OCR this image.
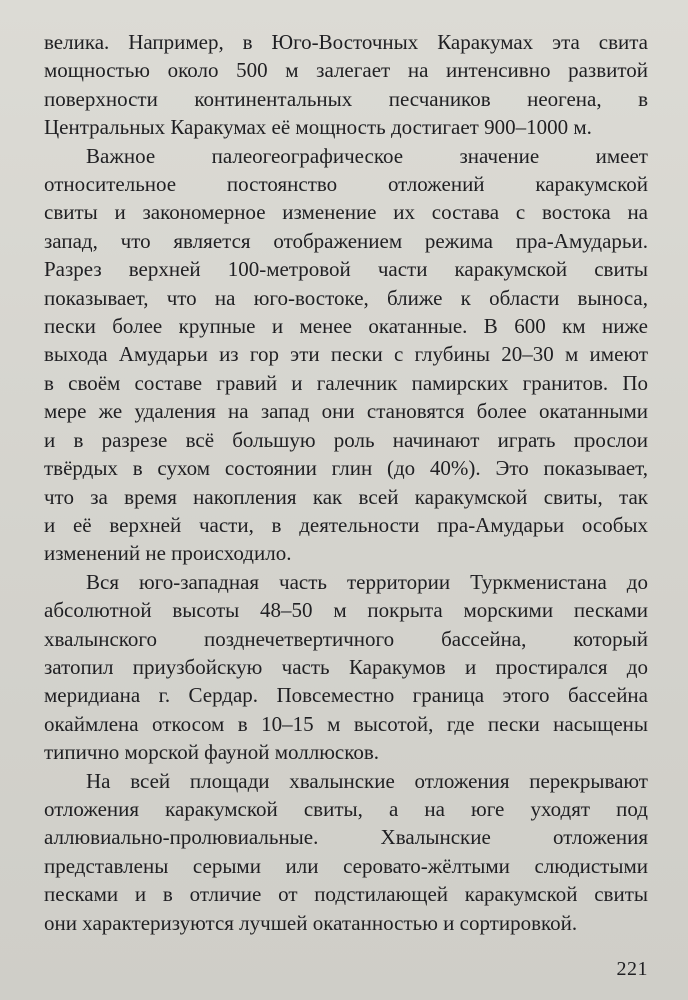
велика. Например, в Юго-Восточных Каракумах эта свита
мощностью около 500 м залегает на интенсивно развитой
поверхности континентальных песчаников неогена, в
Центральных Каракумах её мощность достигает 900–1000 м.

Важное палеогеографическое значение имеет
относительное постоянство отложений каракумской
свиты и закономерное изменение их состава с востока на
запад, что является отображением режима пра-Амударьи.
Разрез верхней 100-метровой части каракумской свиты
показывает, что на юго-востоке, ближе к области выноса,
пески более крупные и менее окатанные. В 600 км ниже
выхода Амударьи из гор эти пески с глубины 20–30 м имеют
в своём составе гравий и галечник памирских гранитов. По
мере же удаления на запад они становятся более окатанными
и в разрезе всё большую роль начинают играть прослои
твёрдых в сухом состоянии глин (до 40%). Это показывает,
что за время накопления как всей каракумской свиты, так
и её верхней части, в деятельности пра-Амударьи особых
изменений не происходило.

Вся юго-западная часть территории Туркменистана до
абсолютной высоты 48–50 м покрыта морскими песками
хвалынского позднечетвертичного бассейна, который
затопил приузбойскую часть Каракумов и простирался до
меридиана г. Сердар. Повсеместно граница этого бассейна
окаймлена откосом в 10–15 м высотой, где пески насыщены
типично морской фауной моллюсков.

На всей площади хвалынские отложения перекрывают
отложения каракумской свиты, а на юге уходят под
аллювиально-пролювиальные. Хвалынские отложения
представлены серыми или серовато-жёлтыми слюдистыми
песками и в отличие от подстилающей каракумской свиты
они характеризуются лучшей окатанностью и сортировкой.

221
